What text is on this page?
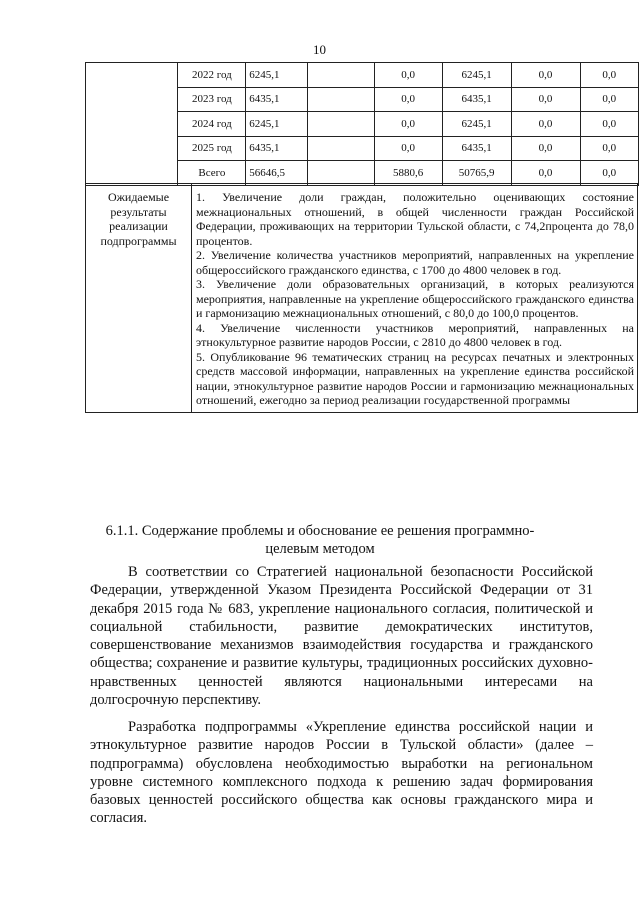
10
	2022 год	6245,1		0,0	6245,1	0,0	0,0
	2023 год	6435,1		0,0	6435,1	0,0	0,0
	2024 год	6245,1		0,0	6245,1	0,0	0,0
	2025 год	6435,1		0,0	6435,1	0,0	0,0
	Всего	56646,5		5880,6	50765,9	0,0	0,0
Ожидаемые результаты реализации подпрограммы	

1. Увеличение доли граждан, положительно оценивающих состояние межнациональных отношений, в общей численности граждан Российской Федерации, проживающих на территории Тульской области, с 74,2процента до 78,0 процентов.

2. Увеличение количества участников мероприятий, направленных на укрепление общероссийского гражданского единства, с 1700 до 4800 человек в год.

3. Увеличение доли образовательных организаций, в которых реализуются мероприятия, направленные на укрепление общероссийского гражданского единства и гармонизацию межнациональных отношений, с 80,0 до 100,0 процентов.

4. Увеличение численности участников мероприятий, направленных на этнокультурное развитие народов России, с 2810 до 4800 человек в год.

5. Опубликование 96 тематических страниц на ресурсах печатных и электронных средств массовой информации, направленных на укрепление единства российской нации, этнокультурное развитие народов России и гармонизацию межнациональных отношений, ежегодно за период реализации государственной программы

6.1.1. Содержание проблемы и обоснование ее решения программно-целевым методом

В соответствии со Стратегией национальной безопасности Российской Федерации, утвержденной Указом Президента Российской Федерации от 31 декабря 2015 года № 683, укрепление национального согласия, политической и социальной стабильности, развитие демократических институтов, совершенствование механизмов взаимодействия государства и гражданского общества; сохранение и развитие культуры, традиционных российских духовно-нравственных ценностей являются национальными интересами на долгосрочную перспективу.

Разработка подпрограммы «Укрепление единства российской нации и этнокультурное развитие народов России в Тульской области» (далее – подпрограмма) обусловлена необходимостью выработки на региональном уровне системного комплексного подхода к решению задач формирования базовых ценностей российского общества как основы гражданского мира и согласия.
